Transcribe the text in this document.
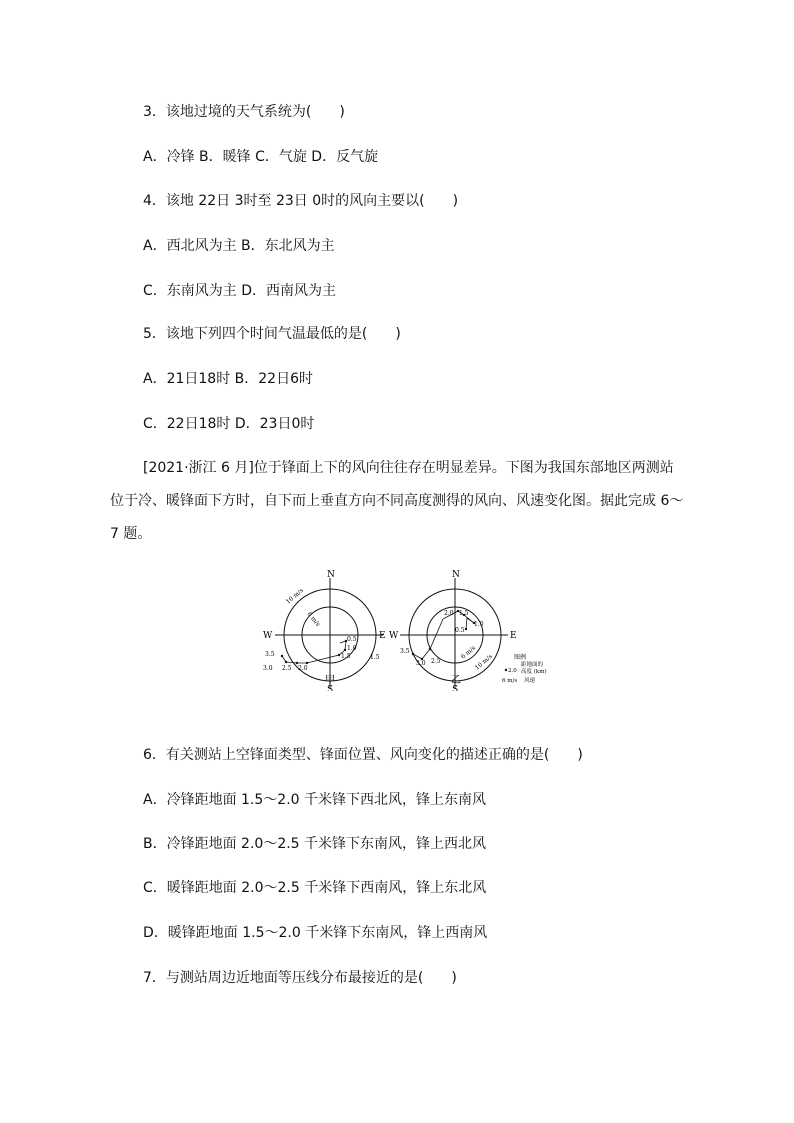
3．该地过境的天气系统为(　　)
A．冷锋 B．暖锋 C．气旋 D．反气旋
4．该地 22日 3时至 23日 0时的风向主要以(　　)
A．西北风为主 B．东北风为主
C．东南风为主 D．西南风为主
5．该地下列四个时间气温最低的是(　　)
A．21日18时 B．22日6时
C．22日18时 D．23日0时
[2021·浙江 6 月]位于锋面上下的风向往往存在明显差异。下图为我国东部地区两测站
位于冷、暖锋面下方时，自下而上垂直方向不同高度测得的风向、风速变化图。据此完成 6～
7 题。
N
S
W	E
10 m/s
6 m/s
0.5
1.0
1.5
2.0
2.5
3.0
3.5	1.5
甲
N
S
W	E
10 m/s
6 m/s
0.5
1.0
1.5
2.0
2.5
3.0
3.5
乙
图例
2.0
距地面的
高度 (km)
6 m/s 风速
6．有关测站上空锋面类型、锋面位置、风向变化的描述正确的是(　　)
A．冷锋距地面 1.5～2.0 千米锋下西北风，锋上东南风
B．冷锋距地面 2.0～2.5 千米锋下东南风，锋上西北风
C．暖锋距地面 2.0～2.5 千米锋下西南风，锋上东北风
D．暖锋距地面 1.5～2.0 千米锋下东南风，锋上西南风
7．与测站周边近地面等压线分布最接近的是(　　)
